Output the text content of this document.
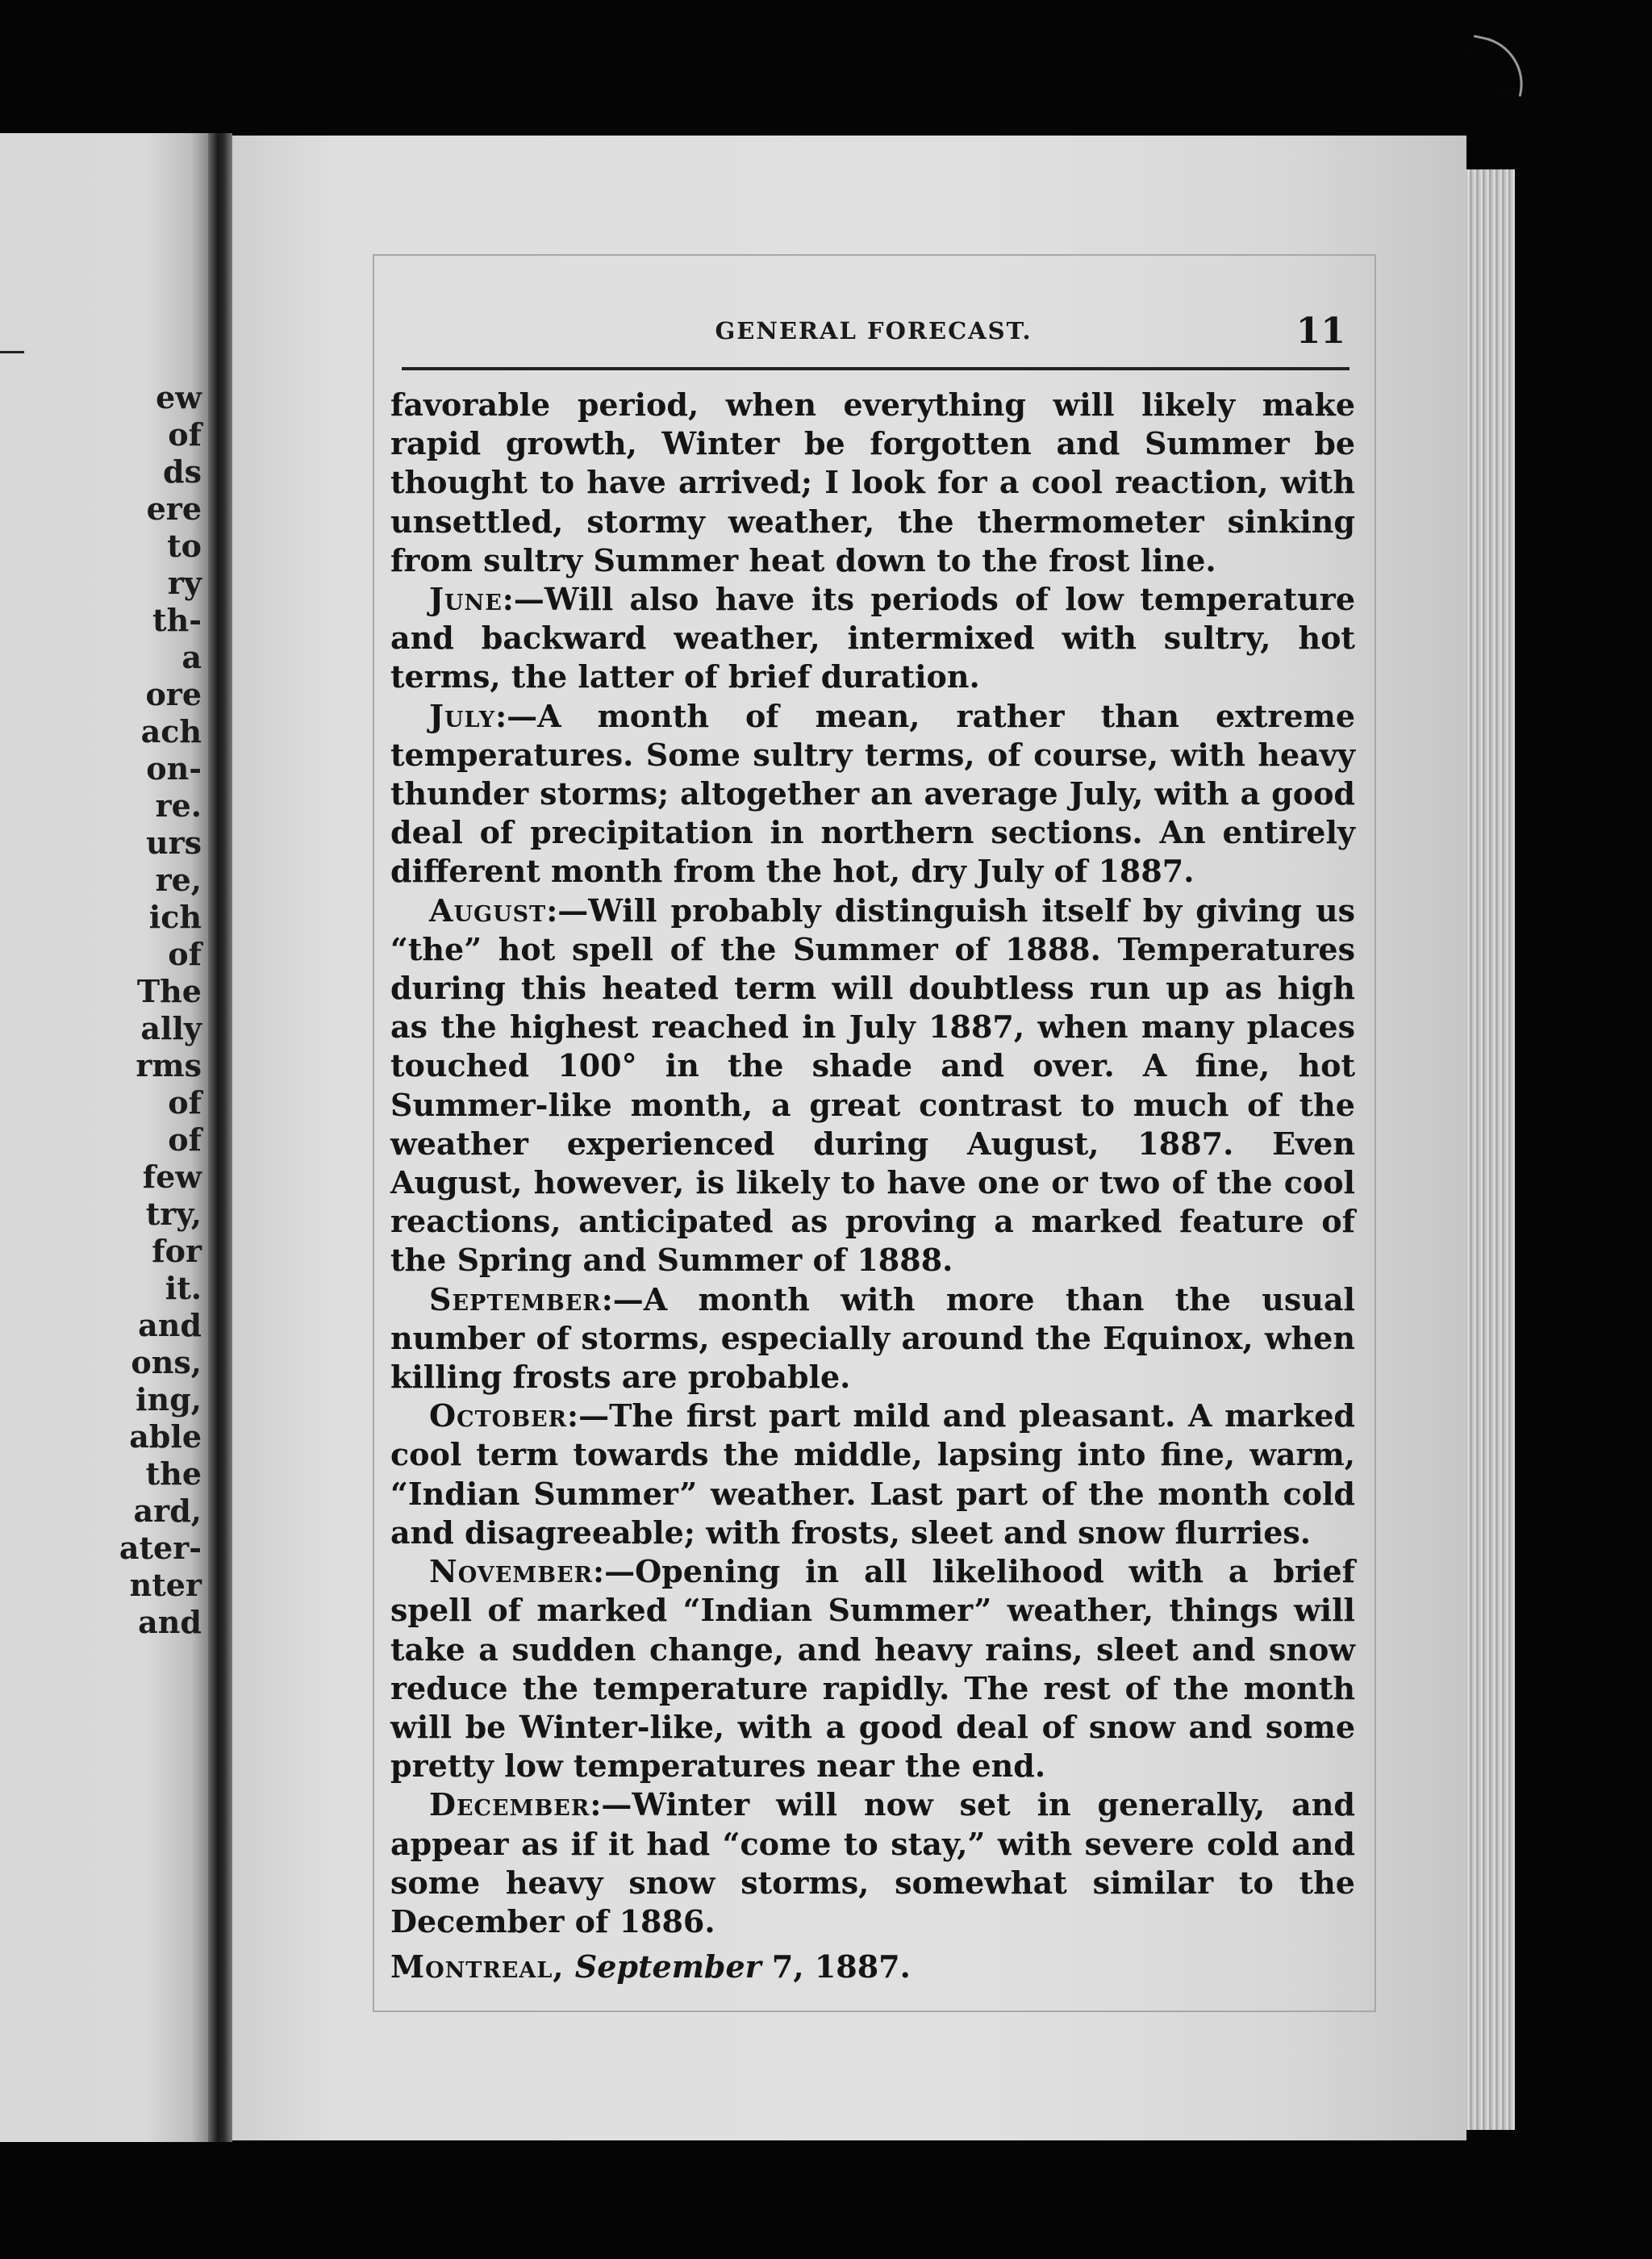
ew
of
ds
ere
to
ry
th-
a
ore
ach
on-
re.
urs
re,
ich
of
The
ally
rms
of
of
few
try,
for
it.
and
ons,
ing,
able
the
ard,
ater-
nter
and
GENERAL FORECAST.	11

favorable period, when everything will likely make rapid growth, Winter be forgotten and Summer be thought to have arrived; I look for a cool reaction, with unsettled, stormy weather, the thermometer sinking from sultry Summer heat down to the frost line.

June:—Will also have its periods of low temperature and backward weather, intermixed with sultry, hot terms, the latter of brief duration.

July:—A month of mean, rather than extreme temperatures. Some sultry terms, of course, with heavy thunder storms; altogether an average July, with a good deal of precipitation in northern sections. An entirely different month from the hot, dry July of 1887.

August:—Will probably distinguish itself by giving us “the” hot spell of the Summer of 1888. Temperatures during this heated term will doubtless run up as high as the highest reached in July 1887, when many places touched 100° in the shade and over. A fine, hot Summer-like month, a great contrast to much of the weather experienced during August, 1887. Even August, however, is likely to have one or two of the cool reactions, anticipated as proving a marked feature of the Spring and Summer of 1888.

September:—A month with more than the usual number of storms, especially around the Equinox, when killing frosts are probable.

October:—The first part mild and pleasant. A marked cool term towards the middle, lapsing into fine, warm, “Indian Summer” weather. Last part of the month cold and disagreeable; with frosts, sleet and snow flurries.

November:—Opening in all likelihood with a brief spell of marked “Indian Summer” weather, things will take a sudden change, and heavy rains, sleet and snow reduce the temperature rapidly. The rest of the month will be Winter-like, with a good deal of snow and some pretty low temperatures near the end.

December:—Winter will now set in generally, and appear as if it had “come to stay,” with severe cold and some heavy snow storms, somewhat similar to the December of 1886.

Montreal, September 7, 1887.
